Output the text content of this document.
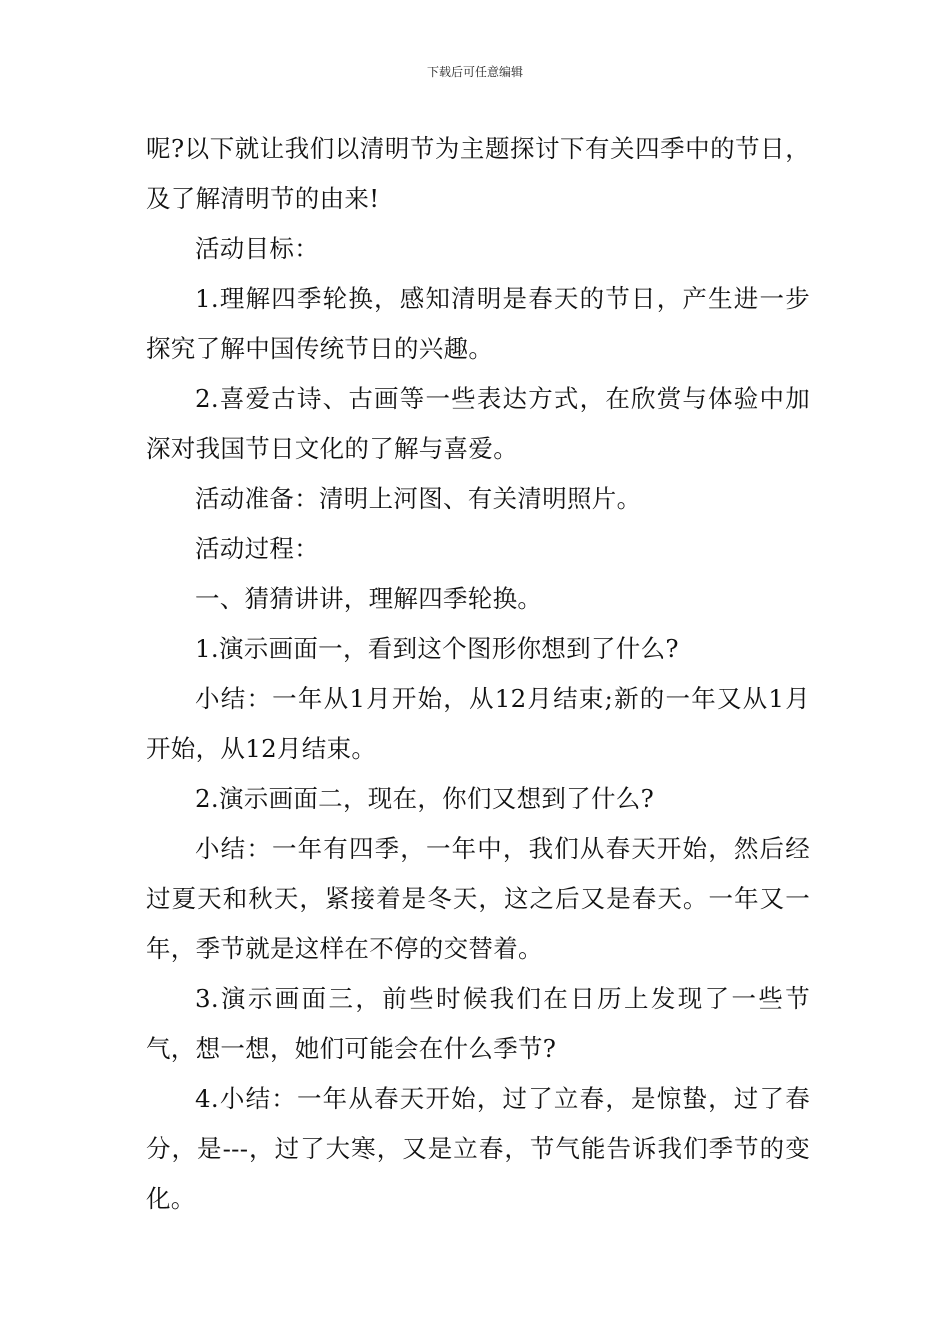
下载后可任意编辑

呢?以下就让我们以清明节为主题探讨下有关四季中的节日，及了解清明节的由来!

活动目标：

1.理解四季轮换，感知清明是春天的节日，产生进一步探究了解中国传统节日的兴趣。

2.喜爱古诗、古画等一些表达方式，在欣赏与体验中加深对我国节日文化的了解与喜爱。

活动准备：清明上河图、有关清明照片。

活动过程：

一、猜猜讲讲，理解四季轮换。

1.演示画面一，看到这个图形你想到了什么?

小结：一年从1月开始，从12月结束;新的一年又从1月开始，从12月结束。

2.演示画面二，现在，你们又想到了什么?

小结：一年有四季，一年中，我们从春天开始，然后经过夏天和秋天，紧接着是冬天，这之后又是春天。一年又一年，季节就是这样在不停的交替着。

3.演示画面三，前些时候我们在日历上发现了一些节气，想一想，她们可能会在什么季节?

4.小结：一年从春天开始，过了立春，是惊蛰，过了春分，是---，过了大寒，又是立春，节气能告诉我们季节的变化。
